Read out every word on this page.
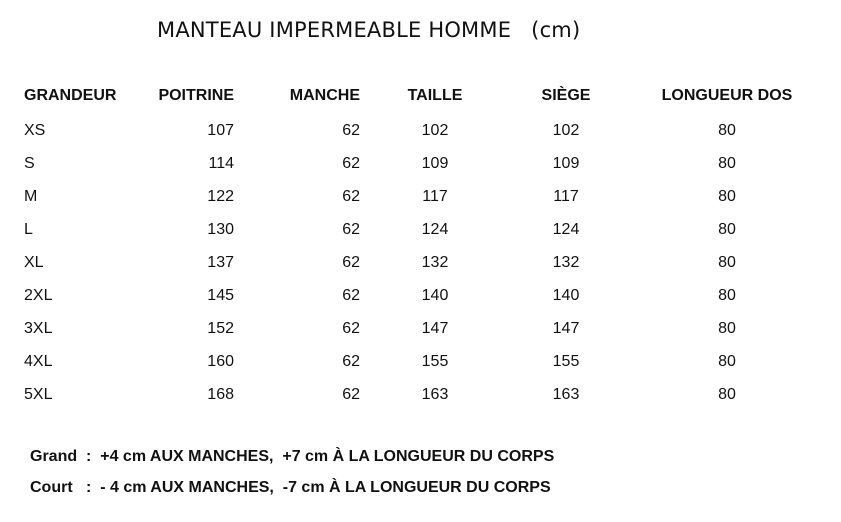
MANTEAU IMPERMEABLE HOMME (cm)
GRANDEUR	POITRINE	MANCHE	TAILLE	SIÈGE	LONGUEUR DOS
XS	107	62	102	102	80
S	114	62	109	109	80
M	122	62	117	117	80
L	130	62	124	124	80
XL	137	62	132	132	80
2XL	145	62	140	140	80
3XL	152	62	147	147	80
4XL	160	62	155	155	80
5XL	168	62	163	163	80
Grand  :  +4 cm AUX MANCHES,  +7 cm À LA LONGUEUR DU CORPS
Court   :  - 4 cm AUX MANCHES,  -7 cm À LA LONGUEUR DU CORPS
